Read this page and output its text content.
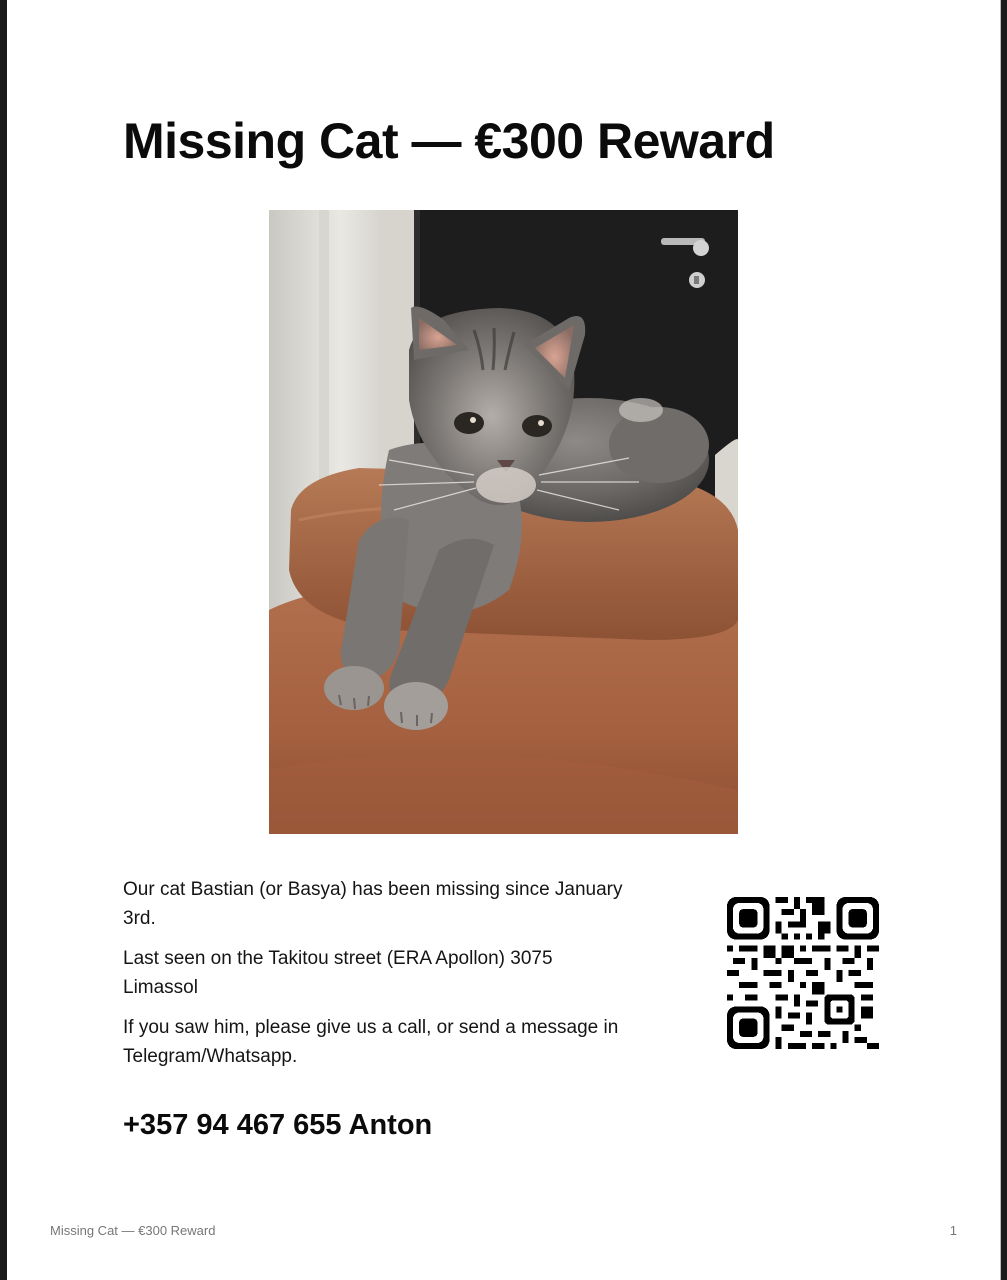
Missing Cat — €300 Reward

Our cat Bastian (or Basya) has been missing since January 3rd.

Last seen on the Takitou street (ERA Apollon) 3075 Limassol

If you saw him, please give us a call, or send a message in Telegram/Whatsapp.

+357 94 467 655 Anton
Missing Cat — €300 Reward	1
